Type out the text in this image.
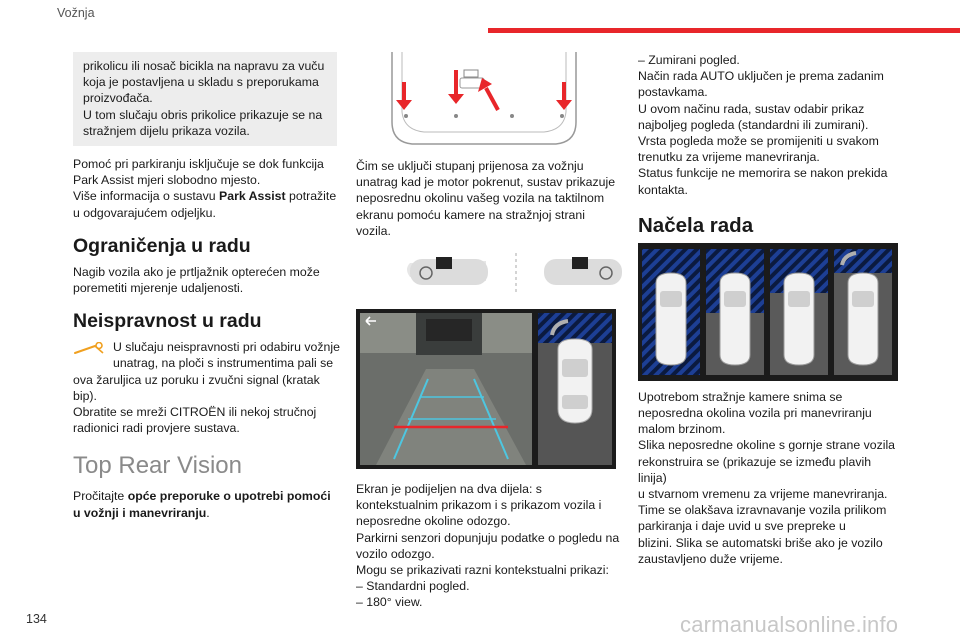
Vožnja

prikolicu ili nosač bicikla na napravu za vuču

koja je postavljena u skladu s preporukama

proizvođača.

U tom slučaju obris prikolice prikazuje se na

stražnjem dijelu prikaza vozila.

Pomoć pri parkiranju isključuje se dok funkcija

Park Assist mjeri slobodno mjesto.

Više informacija o sustavu Park Assist potražite

u odgovarajućem odjeljku.

Ograničenja u radu

Nagib vozila ako je prtljažnik opterećen može

poremetiti mjerenje udaljenosti.

Neispravnost u radu

U slučaju neispravnosti pri odabiru vožnje

unatrag, na ploči s instrumentima pali se

ova žaruljica uz poruku i zvučni signal (kratak

bip).

Obratite se mreži CITROËN ili nekoj stručnoj

radionici radi provjere sustava.

Top Rear Vision

Pročitajte opće preporuke o upotrebi pomoći

u vožnji i manevriranju.

Čim se uključi stupanj prijenosa za vožnju

unatrag kad je motor pokrenut, sustav prikazuje

neposrednu okolinu vašeg vozila na taktilnom

ekranu pomoću kamere na stražnjoj strani vozila.

Ekran je podijeljen na dva dijela: s

kontekstualnim prikazom i s prikazom vozila i

neposredne okoline odozgo.

Parkirni senzori dopunjuju podatke o pogledu na

vozilo odozgo.

Mogu se prikazivati razni kontekstualni prikazi:

– Standardni pogled.

– 180° view.

– Zumirani pogled.

Način rada AUTO uključen je prema zadanim

postavkama.

U ovom načinu rada, sustav odabir prikaz

najboljeg pogleda (standardni ili zumirani).

Vrsta pogleda može se promijeniti u svakom

trenutku za vrijeme manevriranja.

Status funkcije ne memorira se nakon prekida

kontakta.

Načela rada

Upotrebom stražnje kamere snima se

neposredna okolina vozila pri manevriranju

malom brzinom.

Slika neposredne okoline s gornje strane vozila

rekonstruira se (prikazuje se između plavih linija)

u stvarnom vremenu za vrijeme manevriranja.

Time se olakšava izravnavanje vozila prilikom

parkiranja i daje uvid u sve prepreke u

blizini. Slika se automatski briše ako je vozilo

zaustavljeno duže vrijeme.

134	carmanualsonline.info
